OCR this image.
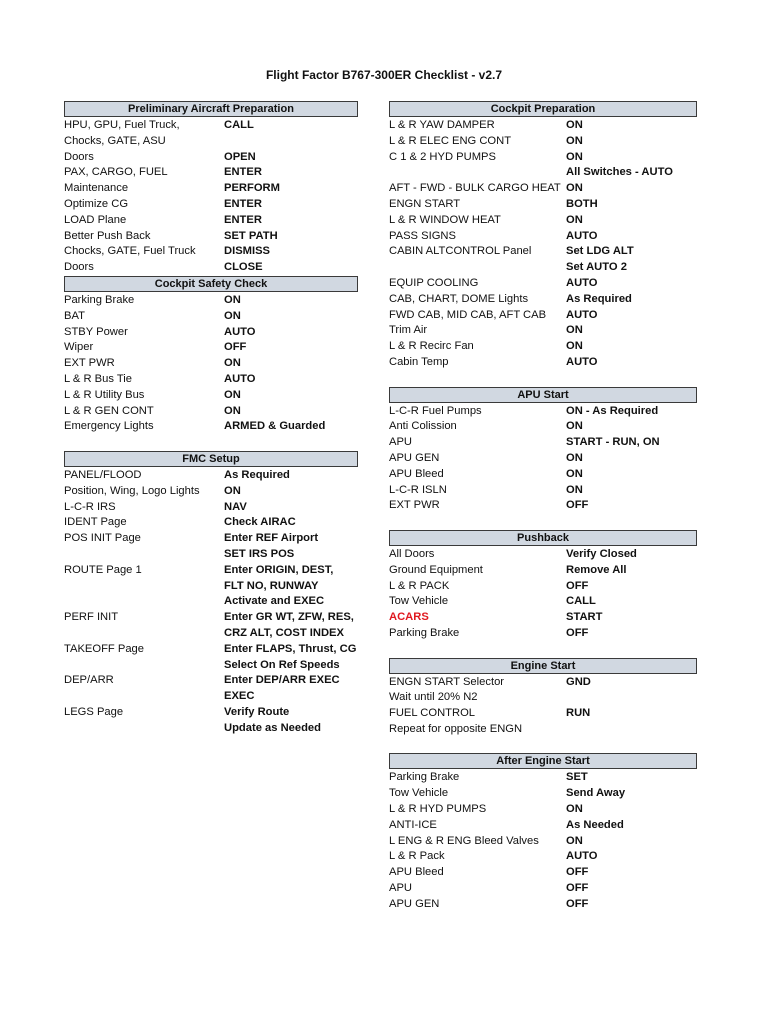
Flight Factor B767-300ER Checklist - v2.7
Preliminary Aircraft Preparation
HPU, GPU, Fuel Truck,	CALL
Chocks, GATE, ASU
Doors	OPEN
PAX, CARGO, FUEL	ENTER
Maintenance	PERFORM
Optimize CG	ENTER
LOAD Plane	ENTER
Better Push Back	SET PATH
Chocks, GATE, Fuel Truck	DISMISS
Doors	CLOSE
Cockpit Safety Check
Parking Brake	ON
BAT	ON
STBY Power	AUTO
Wiper	OFF
EXT PWR	ON
L & R Bus Tie	AUTO
L & R Utility Bus	ON
L & R GEN CONT	ON
Emergency Lights	ARMED & Guarded
FMC Setup
PANEL/FLOOD	As Required
Position, Wing, Logo Lights ON
L-C-R IRS	NAV
IDENT Page	Check AIRAC
POS INIT Page	Enter REF Airport
SET IRS POS
ROUTE Page 1	Enter ORIGIN, DEST,
FLT NO, RUNWAY
Activate and EXEC
PERF INIT	Enter GR WT, ZFW, RES,
CRZ ALT, COST INDEX
TAKEOFF Page	Enter FLAPS, Thrust, CG
Select On Ref Speeds
DEP/ARR	Enter DEP/ARR EXEC
EXEC
LEGS Page	Verify Route
Update as Needed
Cockpit Preparation
L & R YAW DAMPER	ON
L & R ELEC ENG CONT	ON
C 1 & 2 HYD PUMPS	ON
All Switches - AUTO
AFT - FWD - BULK CARGO HEAT ON
ENGN START	BOTH
L & R WINDOW HEAT	ON
PASS SIGNS	AUTO
CABIN ALTCONTROL Panel	Set LDG ALT
Set AUTO 2
EQUIP COOLING	AUTO
CAB, CHART, DOME Lights	As Required
FWD CAB, MID CAB, AFT CAB AUTO
Trim Air	ON
L & R Recirc Fan	ON
Cabin Temp	AUTO
APU Start
L-C-R Fuel Pumps	ON - As Required
Anti Colission	ON
APU	START - RUN, ON
APU GEN	ON
APU Bleed	ON
L-C-R ISLN	ON
EXT PWR	OFF
Pushback
All Doors	Verify Closed
Ground Equipment	Remove All
L & R PACK	OFF
Tow Vehicle	CALL
ACARS	START
Parking Brake	OFF
Engine Start
ENGN START Selector	GND
Wait until 20% N2
FUEL CONTROL	RUN
Repeat for opposite ENGN
After Engine Start
Parking Brake	SET
Tow Vehicle	Send Away
L & R HYD PUMPS	ON
ANTI-ICE	As Needed
L ENG & R ENG Bleed Valves ON
L & R Pack	AUTO
APU Bleed	OFF
APU	OFF
APU GEN	OFF
